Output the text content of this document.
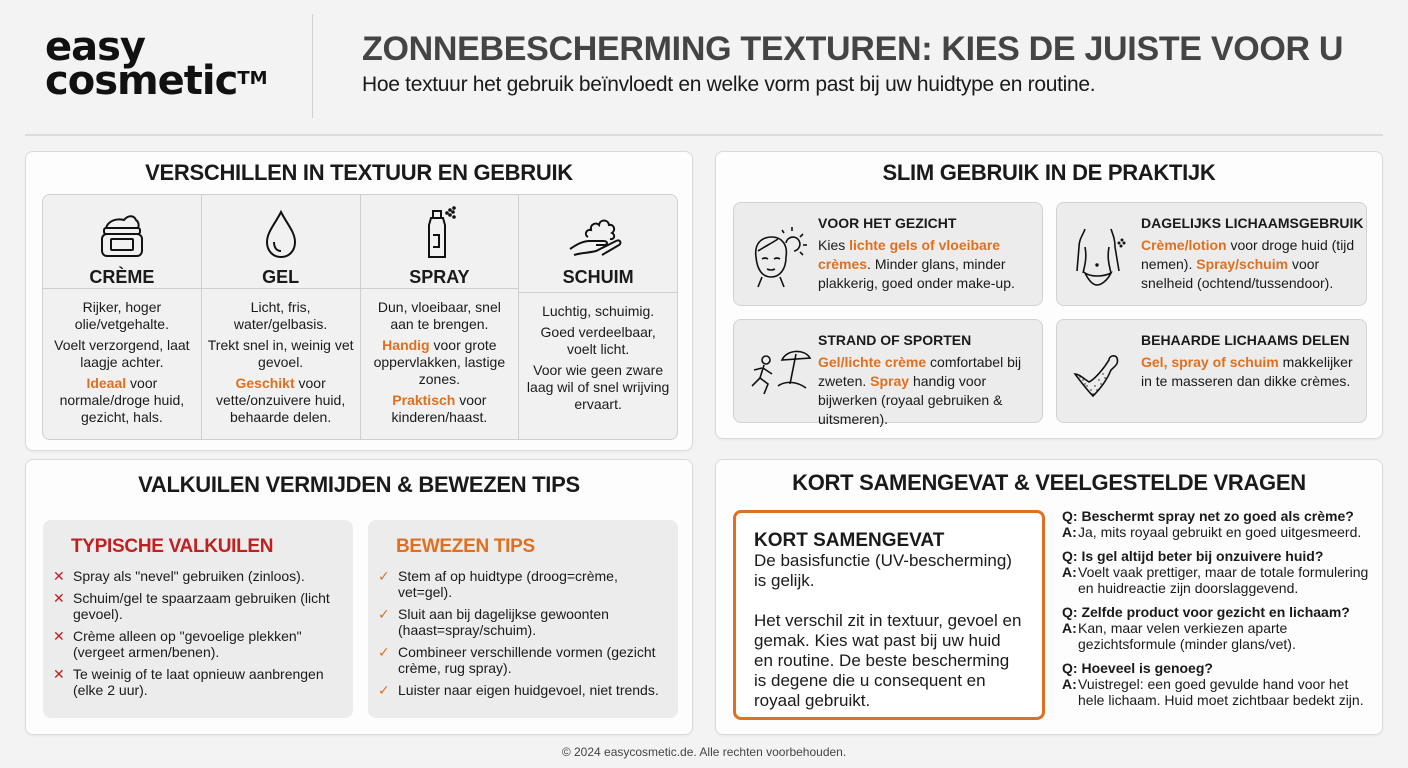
easy
cosmetic™
ZONNEBESCHERMING TEXTUREN: KIES DE JUISTE VOOR U
Hoe textuur het gebruik beïnvloedt en welke vorm past bij uw huidtype en routine.
VERSCHILLEN IN TEXTUUR EN GEBRUIK
CRÈME

Rijker, hoger olie/vetgehalte.

Voelt verzorgend, laat laagje achter.

Ideaal voor normale/droge huid, gezicht, hals.

GEL

Licht, fris, water/gelbasis.

Trekt snel in, weinig vet gevoel.

Geschikt voor vette/onzuivere huid, behaarde delen.

SPRAY

Dun, vloeibaar, snel aan te brengen.

Handig voor grote oppervlakken, lastige zones.

Praktisch voor kinderen/haast.

SCHUIM

Luchtig, schuimig.

Goed verdeelbaar, voelt licht.

Voor wie geen zware laag wil of snel wrijving ervaart.

SLIM GEBRUIK IN DE PRAKTIJK
VOOR HET GEZICHT
Kies lichte gels of vloeibare crèmes. Minder glans, minder plakkerig, goed onder make-up.
DAGELIJKS LICHAAMSGEBRUIK
Crème/lotion voor droge huid (tijd nemen). Spray/schuim voor snelheid (ochtend/tussendoor).
STRAND OF SPORTEN
Gel/lichte crème comfortabel bij zweten. Spray handig voor bijwerken (royaal gebruiken & uitsmeren).
BEHAARDE LICHAAMS DELEN
Gel, spray of schuim makkelijker in te masseren dan dikke crèmes.
VALKUILEN VERMIJDEN & BEWEZEN TIPS
TYPISCHE VALKUILEN
✕ Spray als "nevel" gebruiken (zinloos).
✕ Schuim/gel te spaarzaam gebruiken (licht gevoel).
✕ Crème alleen op "gevoelige plekken" (vergeet armen/benen).
✕ Te weinig of te laat opnieuw aanbrengen (elke 2 uur).
BEWEZEN TIPS
✓ Stem af op huidtype (droog=crème, vet=gel).
✓ Sluit aan bij dagelijkse gewoonten (haast=spray/schuim).
✓ Combineer verschillende vormen (gezicht crème, rug spray).
✓ Luister naar eigen huidgevoel, niet trends.
KORT SAMENGEVAT & VEELGESTELDE VRAGEN
KORT SAMENGEVAT

De basisfunctie (UV-bescherming) is gelijk.

Het verschil zit in textuur, gevoel en gemak. Kies wat past bij uw huid en routine. De beste bescherming is degene die u consequent en royaal gebruikt.

Q: Beschermt spray net zo goed als crème?
A:Ja, mits royaal gebruikt en goed uitgesmeerd.
Q: Is gel altijd beter bij onzuivere huid?
A:Voelt vaak prettiger, maar de totale formulering en huidreactie zijn doorslaggevend.
Q: Zelfde product voor gezicht en lichaam?
A:Kan, maar velen verkiezen aparte gezichtsformule (minder glans/vet).
Q: Hoeveel is genoeg?
A:Vuistregel: een goed gevulde hand voor het hele lichaam. Huid moet zichtbaar bedekt zijn.
© 2024 easycosmetic.de. Alle rechten voorbehouden.
